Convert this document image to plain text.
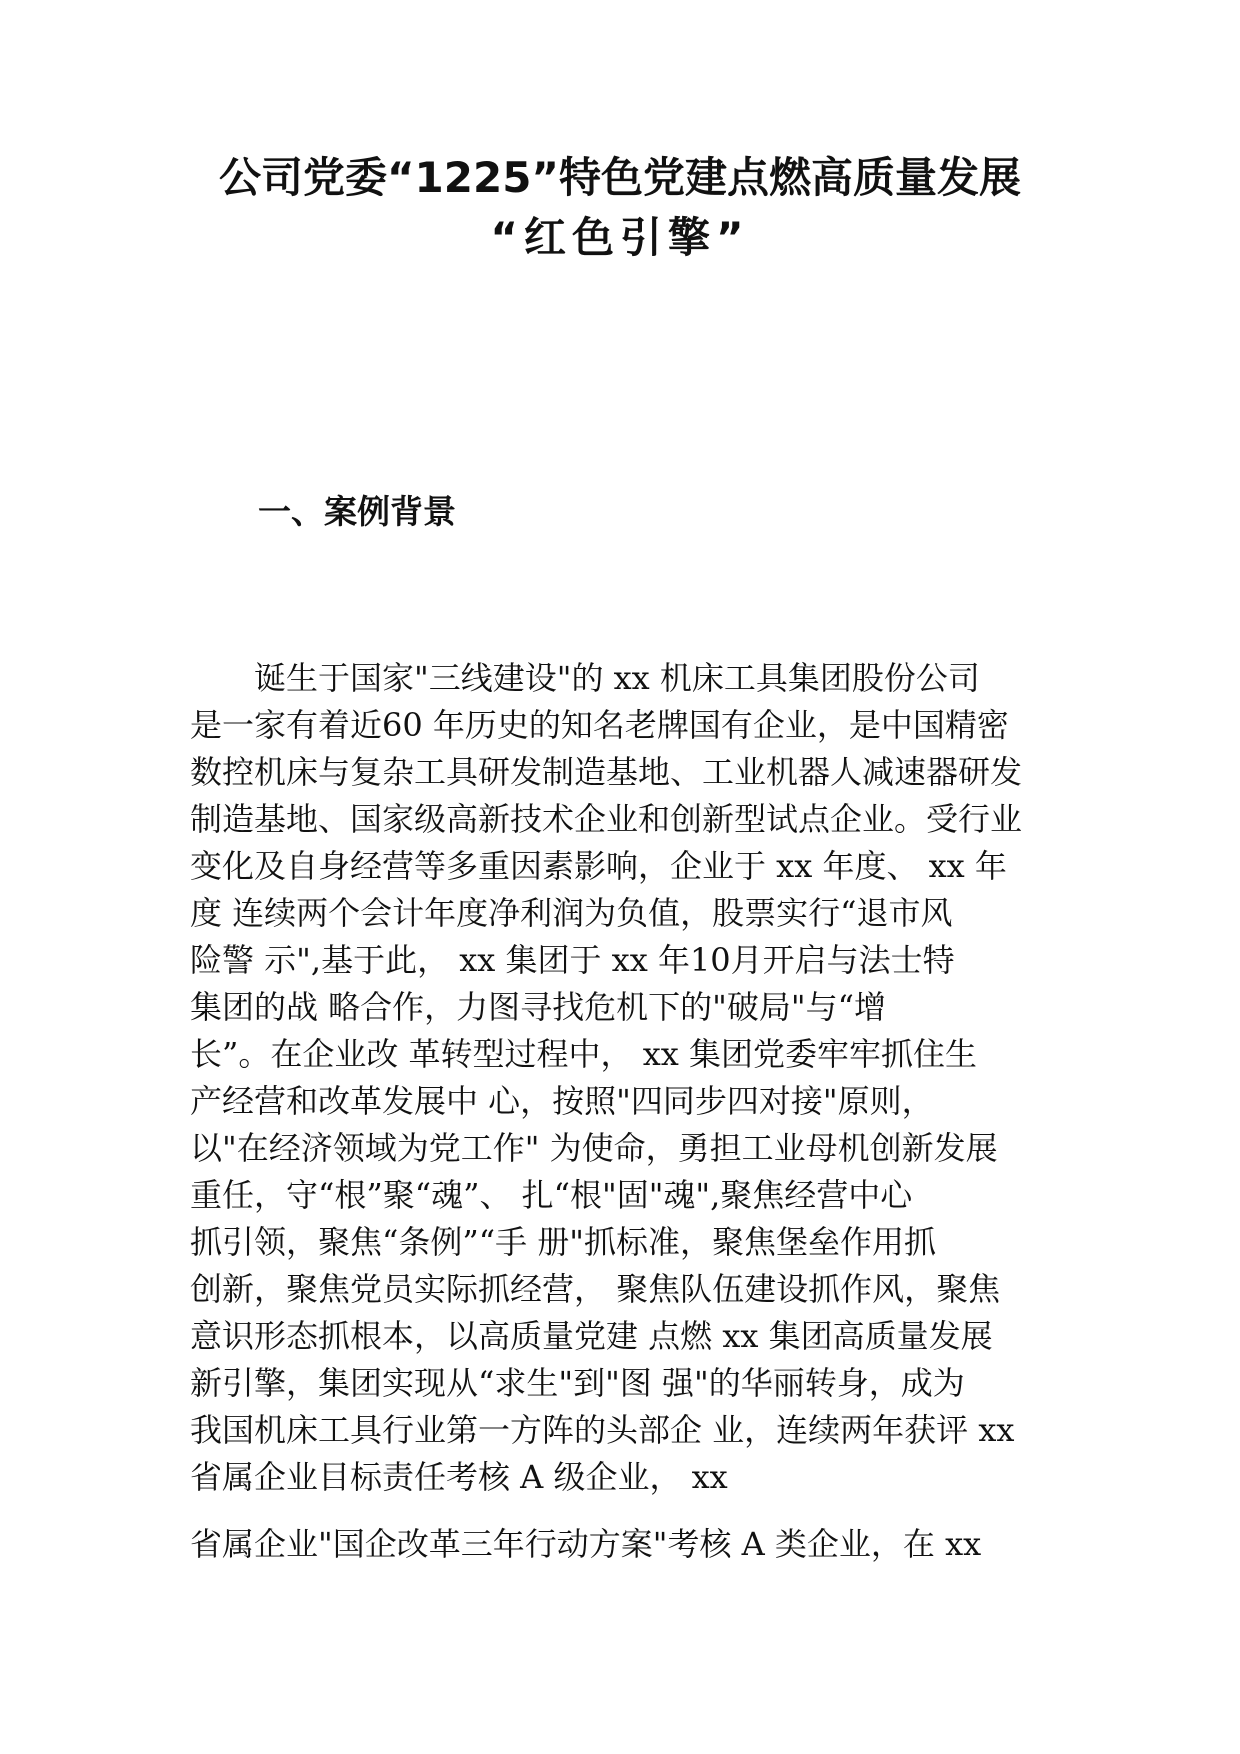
公司党委“1225”特色党建点燃高质量发展
“红色引擎”
一、案例背景

　　诞生于国家"三线建设"的 xx 机床工具集团股份公司

是一家有着近60 年历史的知名老牌国有企业，是中国精密

数控机床与复杂工具研发制造基地、工业机器人减速器研发

制造基地、国家级高新技术企业和创新型试点企业。受行业

变化及自身经营等多重因素影响，企业于 xx 年度、 xx 年

度 连续两个会计年度净利润为负值，股票实行“退市风

险警 示",基于此， xx 集团于 xx 年10月开启与法士特

集团的战 略合作，力图寻找危机下的"破局"与“增

长”。在企业改 革转型过程中， xx 集团党委牢牢抓住生

产经营和改革发展中 心，按照"四同步四对接"原则，

以"在经济领域为党工作" 为使命，勇担工业母机创新发展

重任，守“根”聚“魂”、 扎“根"固"魂",聚焦经营中心

抓引领，聚焦“条例”“手 册"抓标准，聚焦堡垒作用抓

创新，聚焦党员实际抓经营， 聚焦队伍建设抓作风，聚焦

意识形态抓根本，以高质量党建 点燃 xx 集团高质量发展

新引擎，集团实现从“求生"到"图 强"的华丽转身，成为

我国机床工具行业第一方阵的头部企 业，连续两年获评 xx

省属企业目标责任考核 A 级企业， xx

省属企业"国企改革三年行动方案"考核 A 类企业，在 xx
